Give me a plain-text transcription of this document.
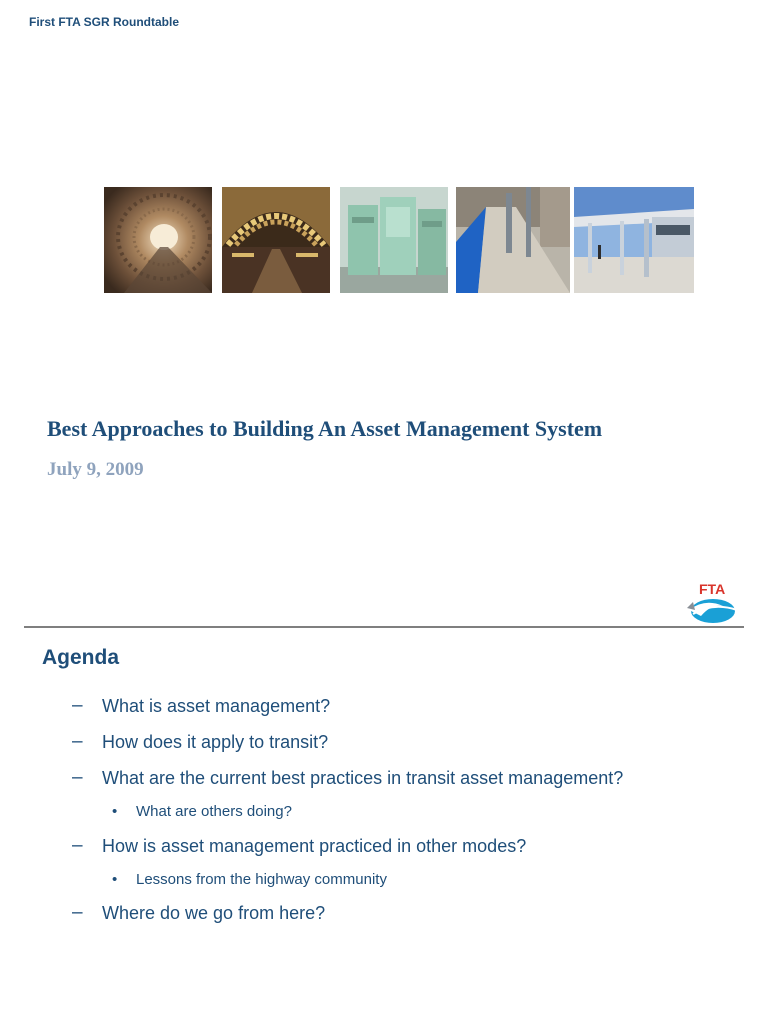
First FTA SGR Roundtable
Best Approaches to Building An Asset Management System
July 9, 2009
FTA
Agenda
–	What is asset management?
–	How does it apply to transit?
–	What are the current best practices in transit asset management?
•	What are others doing?
–	How is asset management practiced in other modes?
•	Lessons from the highway community
–	Where do we go from here?
